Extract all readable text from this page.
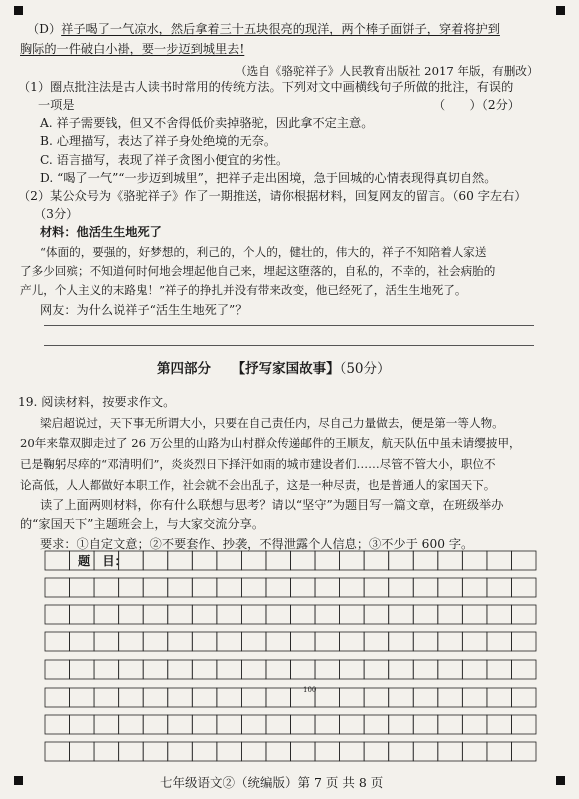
（D）祥子喝了一气凉水，然后拿着三十五块很亮的现洋，两个棒子面饼子，穿着将护到
胸际的一件破白小褂，要一步迈到城里去!
（选自《骆驼祥子》人民教育出版社 2017 年版，有删改）
（1）圈点批注法是古人读书时常用的传统方法。下列对文中画横线句子所做的批注，有误的
一项是	（　　）（2分）
A. 祥子需要钱，但又不舍得低价卖掉骆驼，因此拿不定主意。
B. 心理描写，表达了祥子身处绝境的无奈。
C. 语言描写，表现了祥子贪图小便宜的劣性。
D. “喝了一气”“一步迈到城里”，把祥子走出困境，急于回城的心情表现得真切自然。
（2）某公众号为《骆驼祥子》作了一期推送，请你根据材料，回复网友的留言。（60 字左右）
（3分）
材料：他活生生地死了
“体面的，要强的，好梦想的，利己的，个人的，健壮的，伟大的，祥子不知陪着人家送
了多少回殡；不知道何时何地会埋起他自己来，埋起这堕落的，自私的，不幸的，社会病胎的
产儿，个人主义的末路鬼！”祥子的挣扎并没有带来改变，他已经死了，活生生地死了。
网友：为什么说祥子“活生生地死了”？
第四部分 【抒写家国故事】（50分）
19. 阅读材料，按要求作文。
梁启超说过，天下事无所谓大小，只要在自己责任内，尽自己力量做去，便是第一等人物。
20年来靠双脚走过了 26 万公里的山路为山村群众传递邮件的王顺友，航天队伍中虽未请缨披甲，
已是鞠躬尽瘁的“邓清明们”，炎炎烈日下择汗如雨的城市建设者们……尽管不管大小，职位不
论高低，人人都做好本职工作，社会就不会出乱子，这是一种尽责，也是普通人的家国天下。
读了上面两则材料，你有什么联想与思考？请以“坚守”为题目写一篇文章，在班级举办
的“家国天下”主题班会上，与大家交流分享。
要求：①自定文意；②不要套作、抄袭，不得泄露个人信息；③不少于 600 字。
题　目：
100
七年级语文②（统编版）第 7 页 共 8 页
